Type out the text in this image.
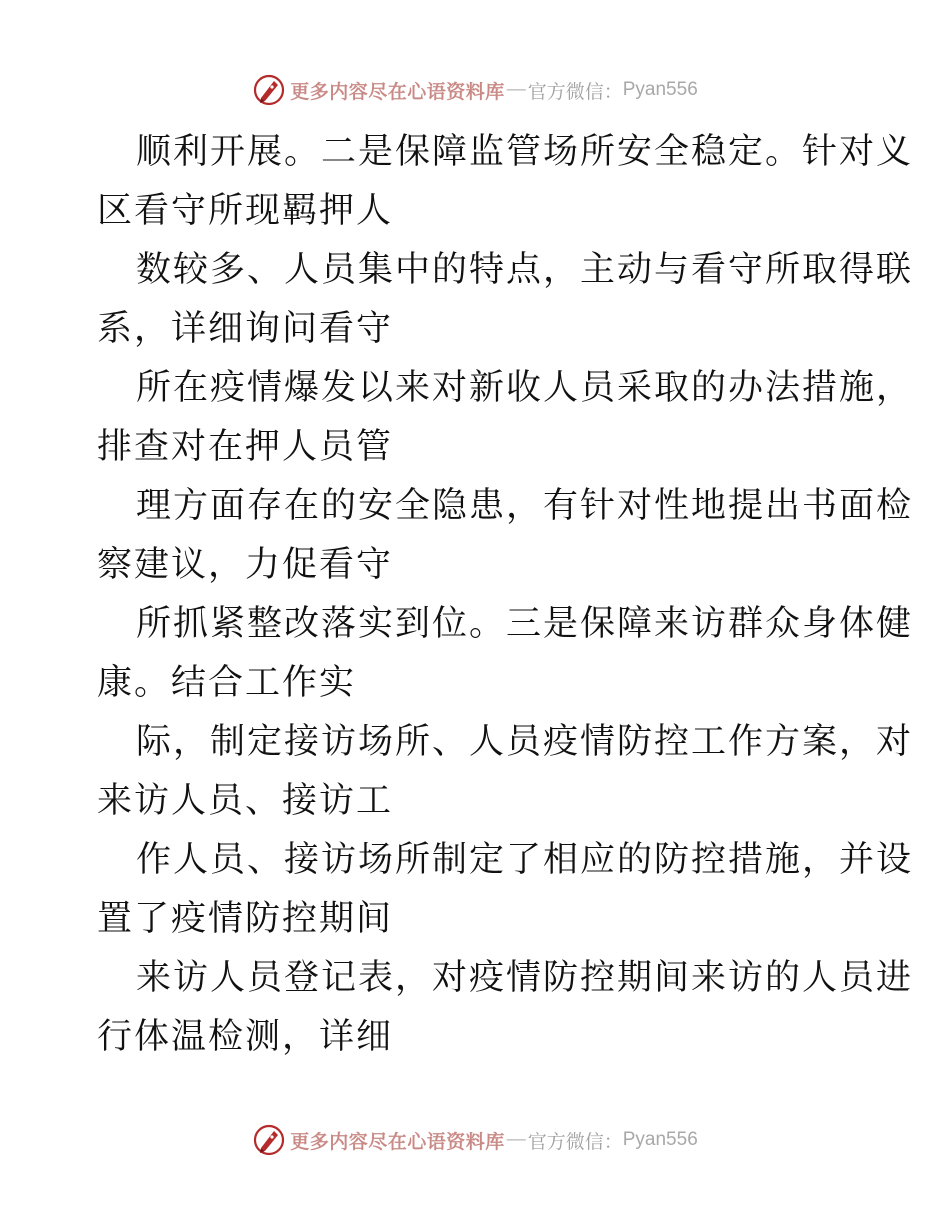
更多内容尽在心语资料库 — 官方微信： Pyan556

顺利开展。二是保障监管场所安全稳定。针对义
区看守所现羁押人

数较多、人员集中的特点，主动与看守所取得联
系，详细询问看守

所在疫情爆发以来对新收人员采取的办法措施，
排查对在押人员管

理方面存在的安全隐患，有针对性地提出书面检
察建议，力促看守

所抓紧整改落实到位。三是保障来访群众身体健
康。结合工作实

际，制定接访场所、人员疫情防控工作方案，对
来访人员、接访工

作人员、接访场所制定了相应的防控措施，并设
置了疫情防控期间

来访人员登记表，对疫情防控期间来访的人员进
行体温检测，详细

更多内容尽在心语资料库 — 官方微信： Pyan556
